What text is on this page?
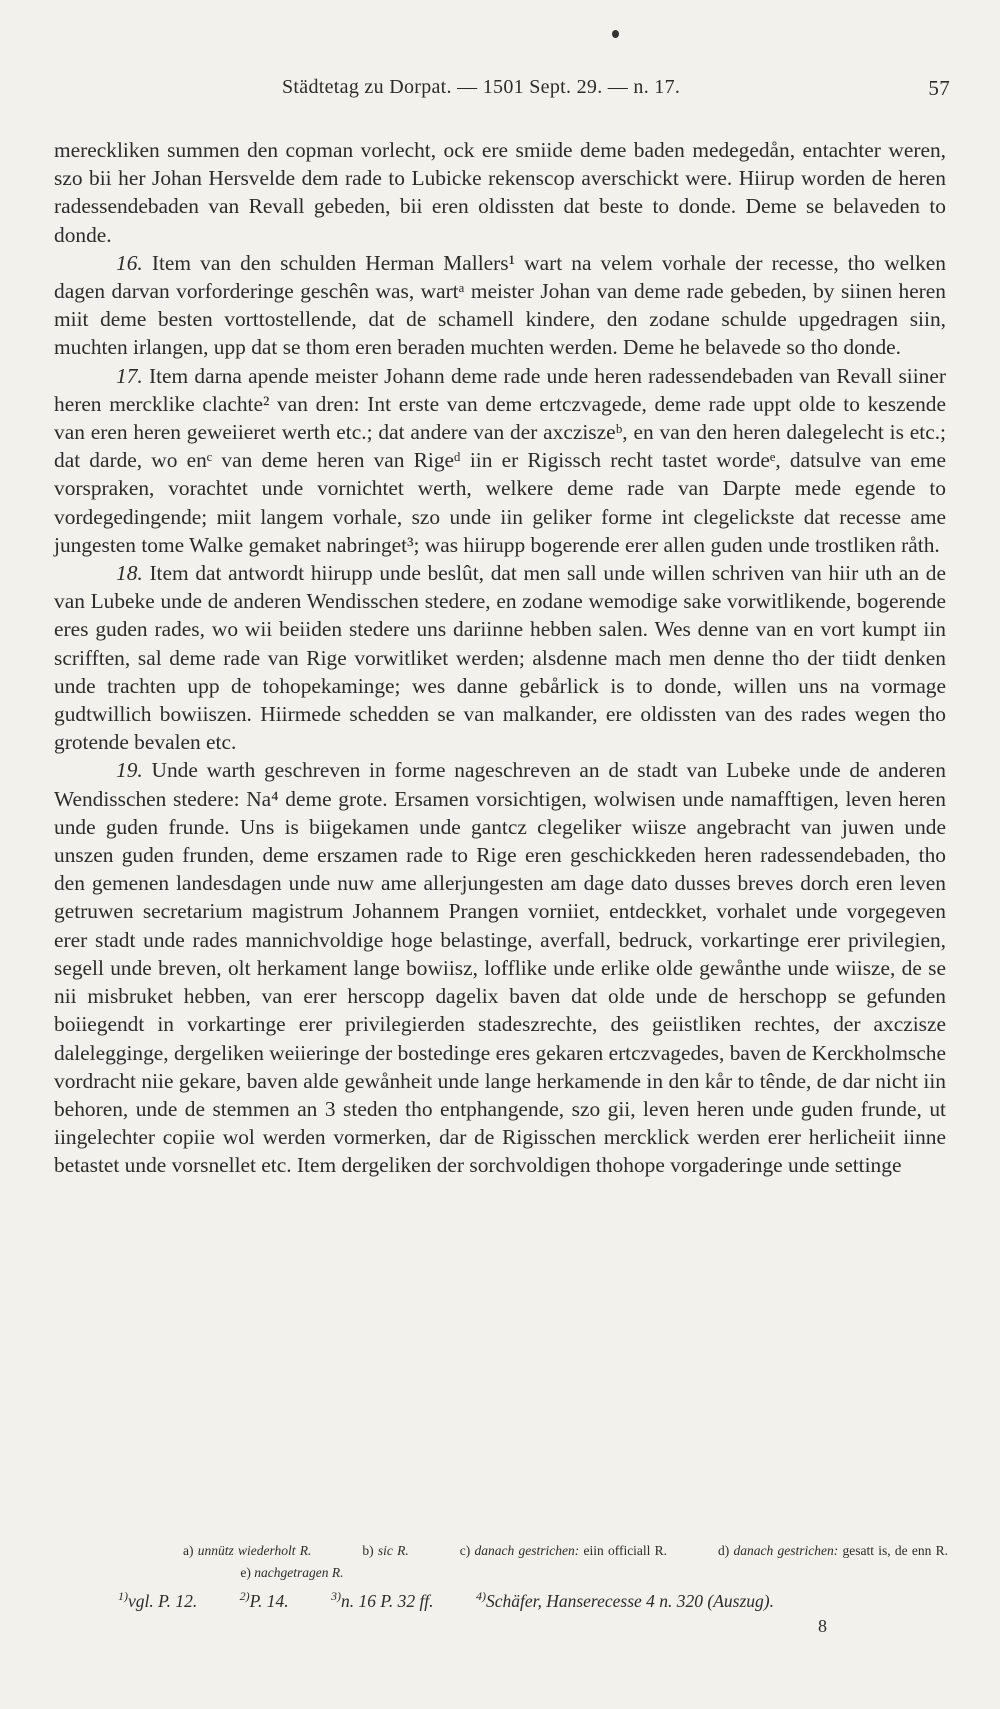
Städtetag zu Dorpat. — 1501 Sept. 29. — n. 17.	57

mereckliken summen den copman vorlecht, ock ere smiide deme baden medegedån, entachter weren, szo bii her Johan Hersvelde dem rade to Lubicke rekenscop averschickt were. Hiirup worden de heren radessendebaden van Revall gebeden, bii eren oldissten dat beste to donde. Deme se belaveden to donde.

16. Item van den schulden Herman Mallers¹ wart na velem vorhale der recesse, tho welken dagen darvan vorforderinge geschên was, wartᵃ meister Johan van deme rade gebeden, by siinen heren miit deme besten vorttostellende, dat de schamell kindere, den zodane schulde upgedragen siin, muchten irlangen, upp dat se thom eren beraden muchten werden. Deme he belavede so tho donde.

17. Item darna apende meister Johann deme rade unde heren radessendebaden van Revall siiner heren mercklike clachte² van dren: Int erste van deme ertczvagede, deme rade uppt olde to keszende van eren heren geweiieret werth etc.; dat andere van der axcziszeᵇ, en van den heren dalegelecht is etc.; dat darde, wo enᶜ van deme heren van Rigeᵈ iin er Rigissch recht tastet wordeᵉ, datsulve van eme vorspraken, vorachtet unde vornichtet werth, welkere deme rade van Darpte mede egende to vordegedingende; miit langem vorhale, szo unde iin geliker forme int clegelickste dat recesse ame jungesten tome Walke gemaket nabringet³; was hiirupp bogerende erer allen guden unde trostliken råth.

18. Item dat antwordt hiirupp unde beslût, dat men sall unde willen schriven van hiir uth an de van Lubeke unde de anderen Wendisschen stedere, en zodane wemodige sake vorwitlikende, bogerende eres guden rades, wo wii beiiden stedere uns dariinne hebben salen. Wes denne van en vort kumpt iin scrifften, sal deme rade van Rige vorwitliket werden; alsdenne mach men denne tho der tiidt denken unde trachten upp de tohopekaminge; wes danne gebårlick is to donde, willen uns na vormage gudtwillich bowiiszen. Hiirmede schedden se van malkander, ere oldissten van des rades wegen tho grotende bevalen etc.

19. Unde warth geschreven in forme nageschreven an de stadt van Lubeke unde de anderen Wendisschen stedere: Na⁴ deme grote. Ersamen vorsichtigen, wolwisen unde namafftigen, leven heren unde guden frunde. Uns is biigekamen unde gantcz clegeliker wiisze angebracht van juwen unde unszen guden frunden, deme erszamen rade to Rige eren geschickkeden heren radessendebaden, tho den gemenen landesdagen unde nuw ame allerjungesten am dage dato dusses breves dorch eren leven getruwen secretarium magistrum Johannem Prangen vorniiet, entdeckket, vorhalet unde vorgegeven erer stadt unde rades mannichvoldige hoge belastinge, averfall, bedruck, vorkartinge erer privilegien, segell unde breven, olt herkament lange bowiisz, lofflike unde erlike olde gewånthe unde wiisze, de se nii misbruket hebben, van erer herscopp dagelix baven dat olde unde de herschopp se gefunden boiiegendt in vorkartinge erer privilegierden stadeszrechte, des geiistliken rechtes, der axczisze daleleggingе, dergeliken weiieringe der bostedinge eres gekaren ertczvagedes, baven de Kerckholmsche vordracht niie gekare, baven alde gewånheit unde lange herkamende in den kår to tênde, de dar nicht iin behoren, unde de stemmen an 3 steden tho entphangende, szo gii, leven heren unde guden frunde, ut iingelechter copiie wol werden vormerken, dar de Rigisschen mercklick werden erer herlicheiit iinne betastet unde vorsnellet etc. Item dergeliken der sorchvoldigen thohope vorgaderinge unde settinge

a) unnütz wiederholt R.	b) sic R.	c) danach gestrichen: eiin officiall R.	d) danach gestrichen: gesatt is, de enn R.                  e) nachgetragen R.
$^{1)}$vgl. P. 12.	$^{2)}$P. 14.	$^{3)}$n. 16 P. 32 ff.	$^{4)}$Schäfer, Hanserecesse 4 n. 320 (Auszug).
8
